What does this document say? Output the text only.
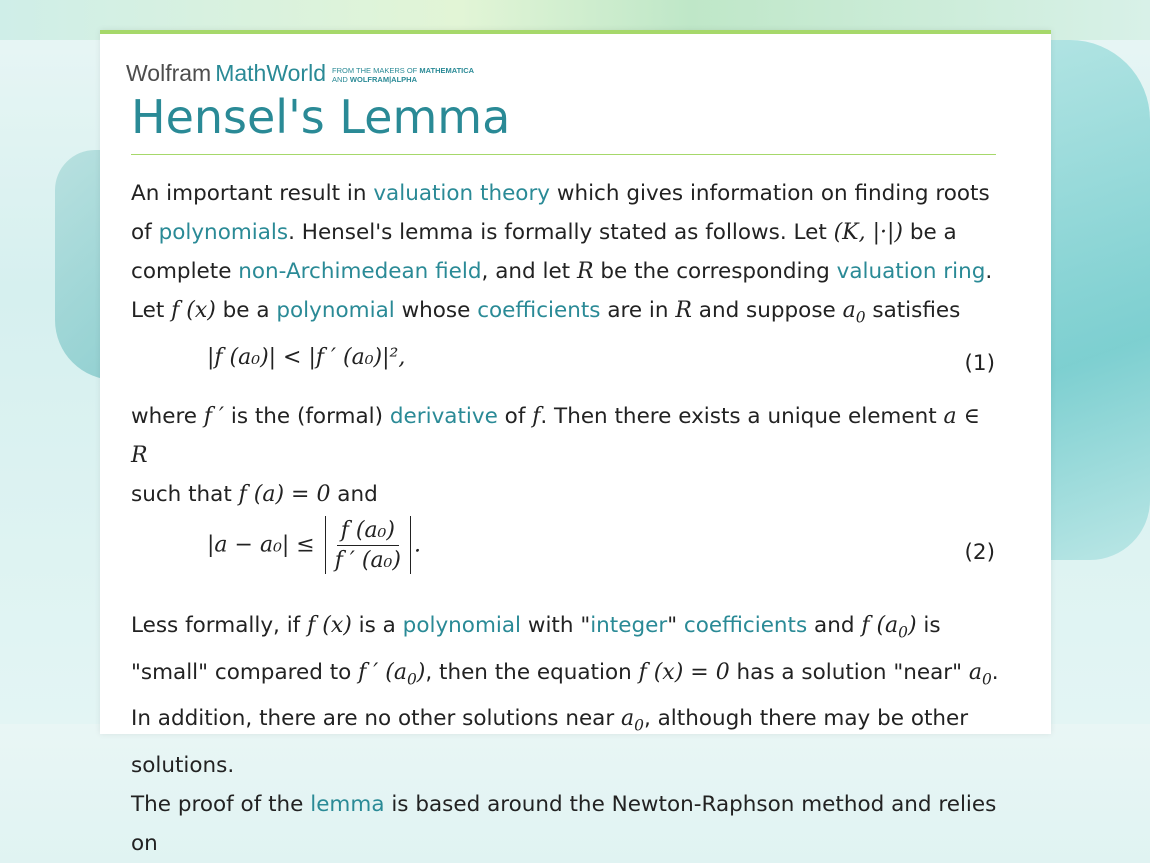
Wolfram MathWorld FROM THE MAKERS OF MATHEMATICA
AND WOLFRAM|ALPHA
Hensel's Lemma

An important result in valuation theory which gives information on finding roots of polynomials. Hensel's lemma is formally stated as follows. Let (K, |·|) be a complete non-Archimedean field, and let R be the corresponding valuation ring. Let f (x) be a polynomial whose coefficients are in R and suppose $a_0$ satisfies

|f (a₀)| < |f ′ (a₀)|²,	(1)

where f ′ is the (formal) derivative of f. Then there exists a unique element a ∈ R
such that f (a) = 0 and

$|a - a_0| \le \frac{\text{f (a₀)}}{\text{f ′ (a₀)}}$ .	(2)

Less formally, if f (x) is a polynomial with "integer" coefficients and f $(a_0)$ is "small" compared to f ′ $(a_0)$, then the equation f (x) = 0 has a solution "near" $a_0$. In addition, there are no other solutions near $a_0$, although there may be other solutions.
The proof of the lemma is based around the Newton-Raphson method and relies on
